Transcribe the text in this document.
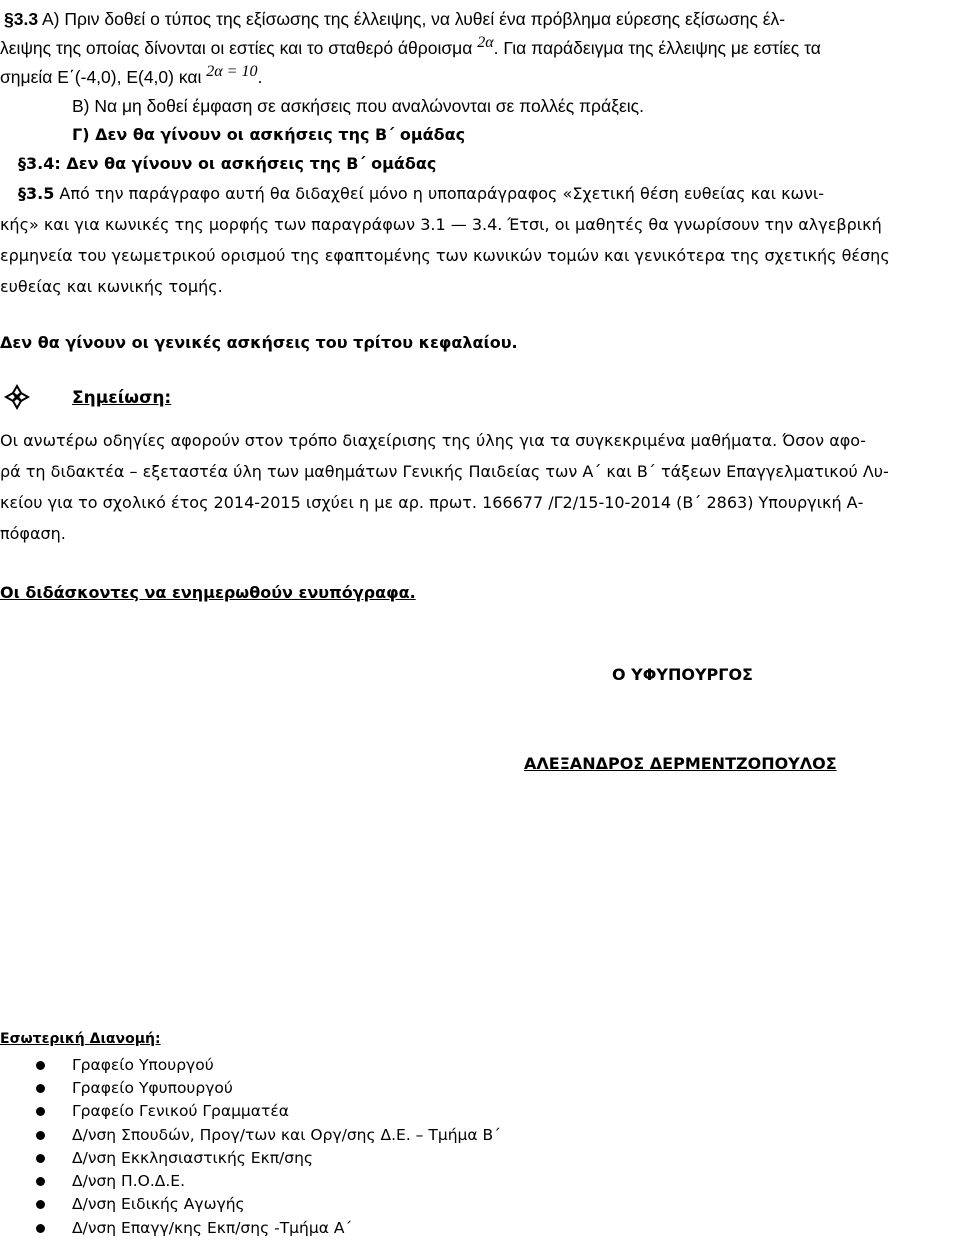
§3.3 Α) Πριν δοθεί ο τύπος της εξίσωσης της έλλειψης, να λυθεί ένα πρόβλημα εύρεσης εξίσωσης έλ-
λειψης της οποίας δίνονται οι εστίες και το σταθερό άθροισμα 2α. Για παράδειγμα της έλλειψης με εστίες τα
σημεία Ε΄(-4,0), Ε(4,0) και 2α = 10.
Β) Να μη δοθεί έμφαση σε ασκήσεις που αναλώνονται σε πολλές πράξεις.
Γ) Δεν θα γίνουν οι ασκήσεις της Β΄ ομάδας
§3.4: Δεν θα γίνουν οι ασκήσεις της Β΄ ομάδας
§3.5 Από την παράγραφο αυτή θα διδαχθεί μόνο η υποπαράγραφος «Σχετική θέση ευθείας και κωνι-
κής» και για κωνικές της μορφής των παραγράφων 3.1 — 3.4. Έτσι, οι μαθητές θα γνωρίσουν την αλγεβρική
ερμηνεία του γεωμετρικού ορισμού της εφαπτομένης των κωνικών τομών και γενικότερα της σχετικής θέσης
ευθείας και κωνικής τομής.
Δεν θα γίνουν οι γενικές ασκήσεις του τρίτου κεφαλαίου.
Σημείωση:
Οι ανωτέρω οδηγίες αφορούν στον τρόπο διαχείρισης της ύλης για τα συγκεκριμένα μαθήματα. Όσον αφο-
ρά τη διδακτέα – εξεταστέα ύλη των μαθημάτων Γενικής Παιδείας των Α΄ και Β΄ τάξεων Επαγγελματικού Λυ-
κείου για το σχολικό έτος 2014-2015 ισχύει η με αρ. πρωτ. 166677 /Γ2/15-10-2014 (Β΄ 2863) Υπουργική Α-
πόφαση.
Οι διδάσκοντες να ενημερωθούν ενυπόγραφα.
Ο ΥΦΥΠΟΥΡΓΟΣ
ΑΛΕΞΑΝΔΡΟΣ ΔΕΡΜΕΝΤΖΟΠΟΥΛΟΣ
Εσωτερική Διανομή:
Γραφείο Υπουργού
Γραφείο Υφυπουργού
Γραφείο Γενικού Γραμματέα
Δ/νση Σπουδών, Προγ/των και Οργ/σης Δ.Ε. – Τμήμα Β΄
Δ/νση Εκκλησιαστικής Εκπ/σης
Δ/νση Π.Ο.Δ.Ε.
Δ/νση Ειδικής Αγωγής
Δ/νση Επαγγ/κης Εκπ/σης -Τμήμα Α΄
